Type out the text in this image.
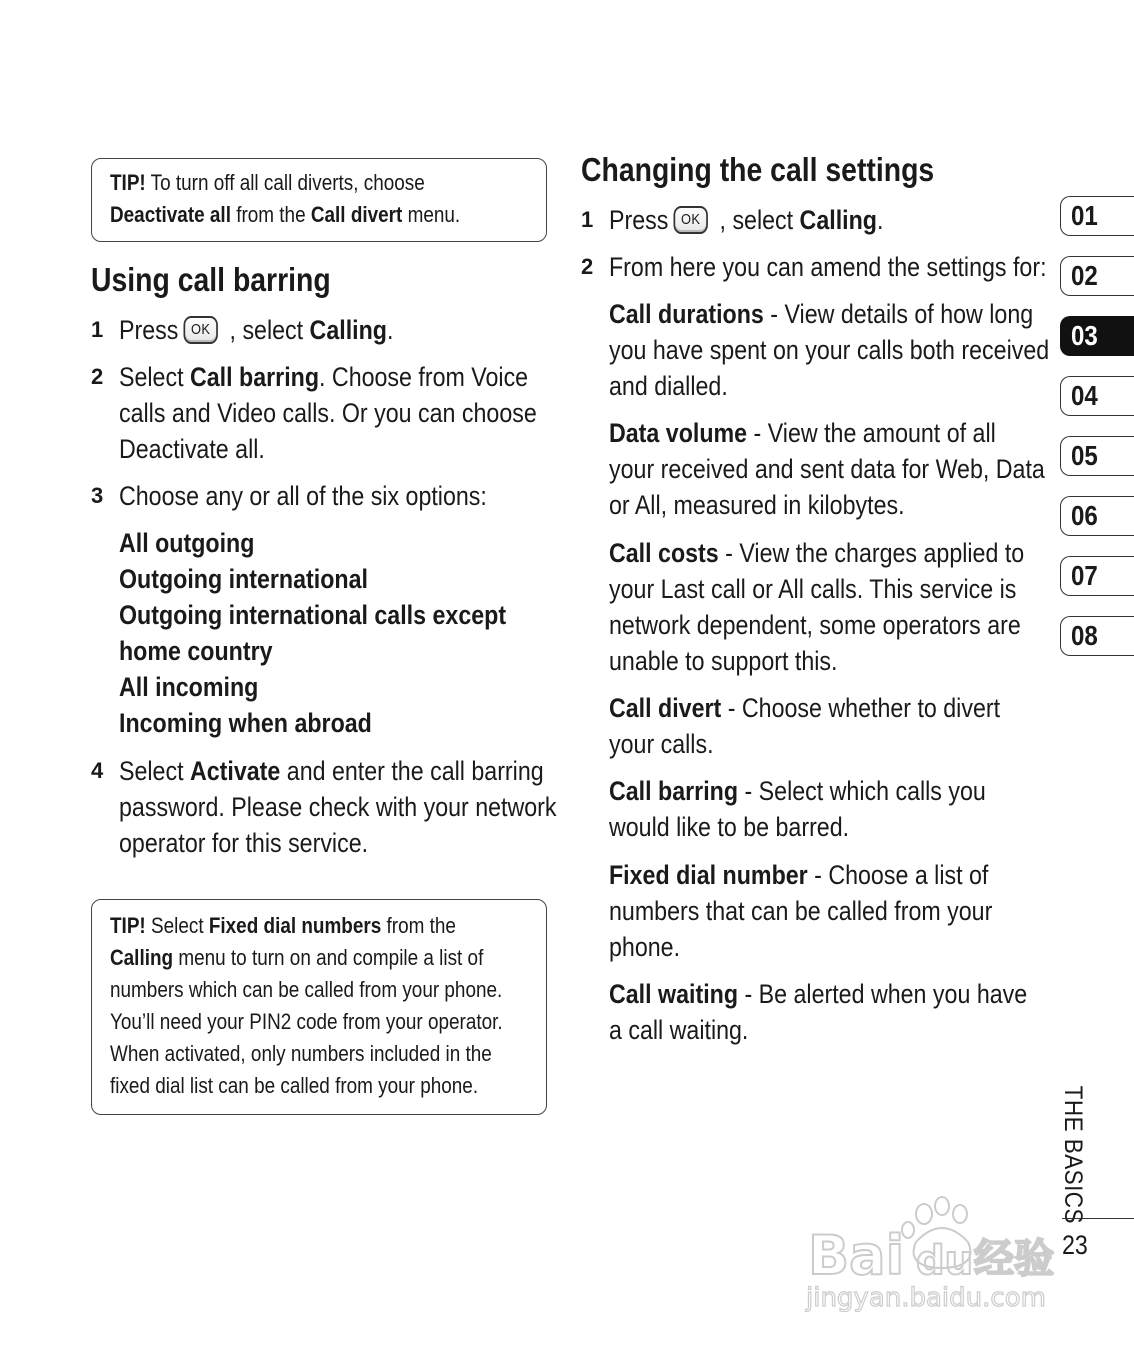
TIP! To turn off all call diverts, choose
Deactivate all from the Call divert menu.
Using call barring
1 Press OK , select Calling.
2 Select Call barring. Choose from Voice
calls and Video calls. Or you can choose
Deactivate all.
3 Choose any or all of the six options:
All outgoing
Outgoing international
Outgoing international calls except
home country
All incoming
Incoming when abroad
4 Select Activate and enter the call barring
password. Please check with your network
operator for this service.
TIP! Select Fixed dial numbers from the
Calling menu to turn on and compile a list of
numbers which can be called from your phone.
You’ll need your PIN2 code from your operator.
When activated, only numbers included in the
fixed dial list can be called from your phone.
Changing the call settings
1 Press OK , select Calling.
2 From here you can amend the settings for:
Call durations - View details of how long
you have spent on your calls both received
and dialled.
Data volume - View the amount of all
your received and sent data for Web, Data
or All, measured in kilobytes.
Call costs - View the charges applied to
your Last call or All calls. This service is
network dependent, some operators are
unable to support this.
Call divert - Choose whether to divert
your calls.
Call barring - Select which calls you
would like to be barred.
Fixed dial number - Choose a list of
numbers that can be called from your
phone.
Call waiting - Be alerted when you have
a call waiting.
01
02
03
04
05
06
07
08
THE BASICS
23
Bai du 经验
jingyan.baidu.com
